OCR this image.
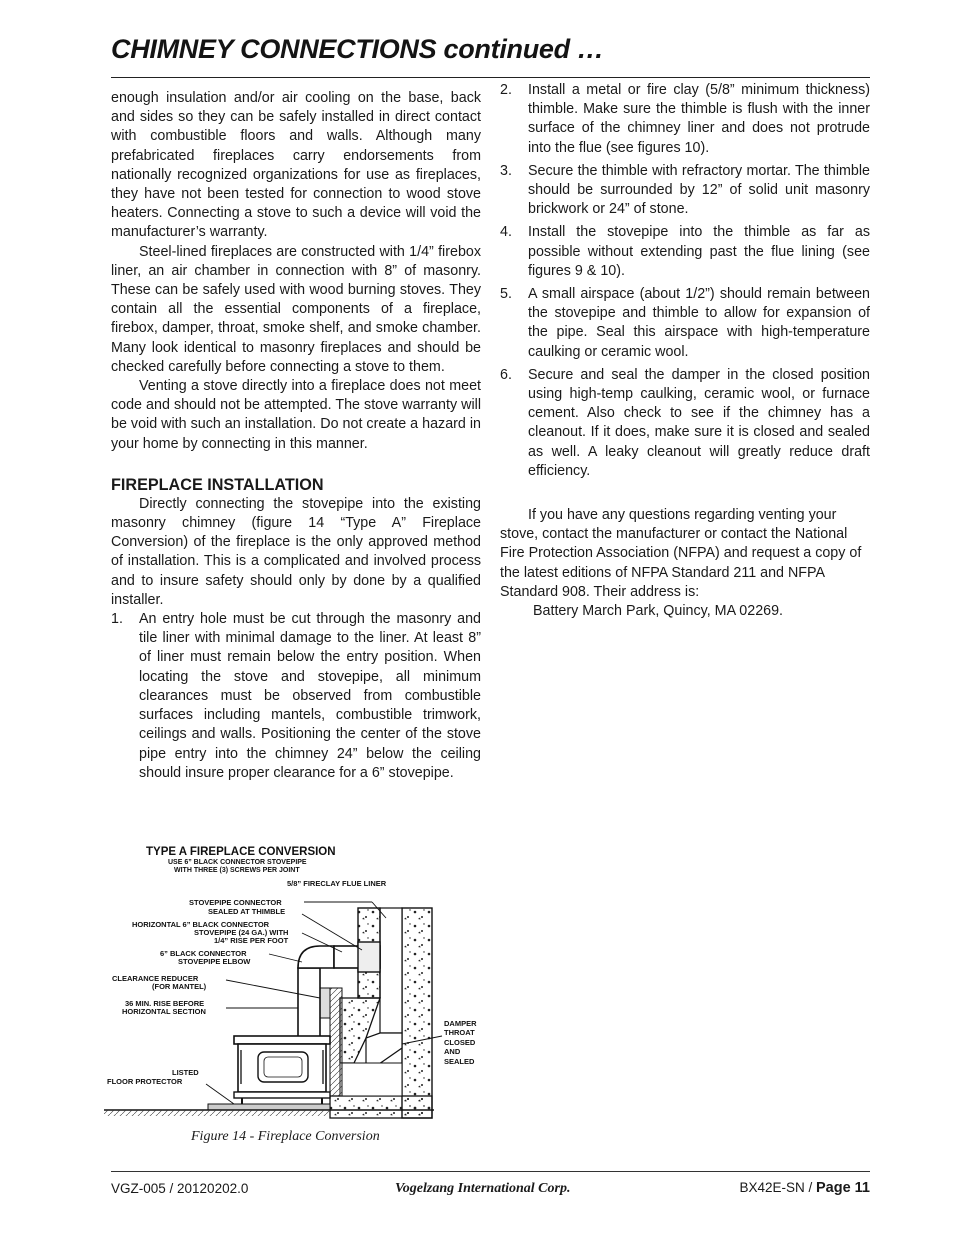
CHIMNEY CONNECTIONS continued …

enough insulation and/or air cooling on the base, back and sides so they can be safely installed in direct contact with combustible floors and walls. Although many prefabricated fireplaces carry endorsements from nationally recognized organizations for use as fireplaces, they have not been tested for connection to wood stove heaters. Connecting a stove to such a device will void the manufacturer’s warranty.

Steel-lined fireplaces are constructed with 1/4” firebox liner, an air chamber in connection with 8” of masonry. These can be safely used with wood burning stoves. They contain all the essential components of a fireplace, firebox, damper, throat, smoke shelf, and smoke chamber. Many look identical to masonry fireplaces and should be checked carefully before connecting a stove to them.

Venting a stove directly into a fireplace does not meet code and should not be attempted. The stove warranty will be void with such an installation. Do not create a hazard in your home by connecting in this manner.

FIREPLACE INSTALLATION

Directly connecting the stovepipe into the existing masonry chimney (figure 14 “Type A” Fireplace Conversion) of the fireplace is the only approved method of installation. This is a complicated and involved process and to insure safety should only by done by a qualified installer.

1. An entry hole must be cut through the masonry and tile liner with minimal damage to the liner. At least 8” of liner must remain below the entry position. When locating the stove and stovepipe, all minimum clearances must be observed from combustible surfaces including mantels, combustible trimwork, ceilings and walls. Positioning the center of the stove pipe entry into the chimney 24” below the ceiling should insure proper clearance for a 6” stovepipe.
2. Install a metal or fire clay (5/8” minimum thickness) thimble. Make sure the thimble is flush with the inner surface of the chimney liner and does not protrude into the flue (see figures 10).
3. Secure the thimble with refractory mortar. The thimble should be surrounded by 12” of solid unit masonry brickwork or 24” of stone.
4. Install the stovepipe into the thimble as far as possible without extending past the flue lining (see figures 9 & 10).
5. A small airspace (about 1/2”) should remain between the stovepipe and thimble to allow for expansion of the pipe. Seal this airspace with high-temperature caulking or ceramic wool.
6. Secure and seal the damper in the closed position using high-temp caulking, ceramic wool, or furnace cement. Also check to see if the chimney has a cleanout. If it does, make sure it is closed and sealed as well. A leaky cleanout will greatly reduce draft efficiency.

If you have any questions regarding venting your stove, contact the manufacturer or contact the National Fire Protection Association (NFPA) and request a copy of the latest editions of NFPA Standard 211 and NFPA Standard 908. Their address is:

Battery March Park, Quincy, MA 02269.

TYPE A FIREPLACE CONVERSION
USE 6” BLACK CONNECTOR STOVEPIPE
WITH THREE (3) SCREWS PER JOINT
5/8” FIRECLAY FLUE LINER
STOVEPIPE CONNECTOR
SEALED AT THIMBLE
HORIZONTAL 6” BLACK CONNECTOR
STOVEPIPE (24 GA.) WITH
1/4” RISE PER FOOT
6” BLACK CONNECTOR
STOVEPIPE ELBOW
CLEARANCE REDUCER
(FOR MANTEL)
36 MIN. RISE BEFORE
HORIZONTAL SECTION
LISTED
FLOOR PROTECTOR
DAMPER
THROAT
CLOSED
AND
SEALED
Figure 14 - Fireplace Conversion
VGZ-005 / 20120202.0	Vogelzang International Corp.	BX42E-SN / Page 11
